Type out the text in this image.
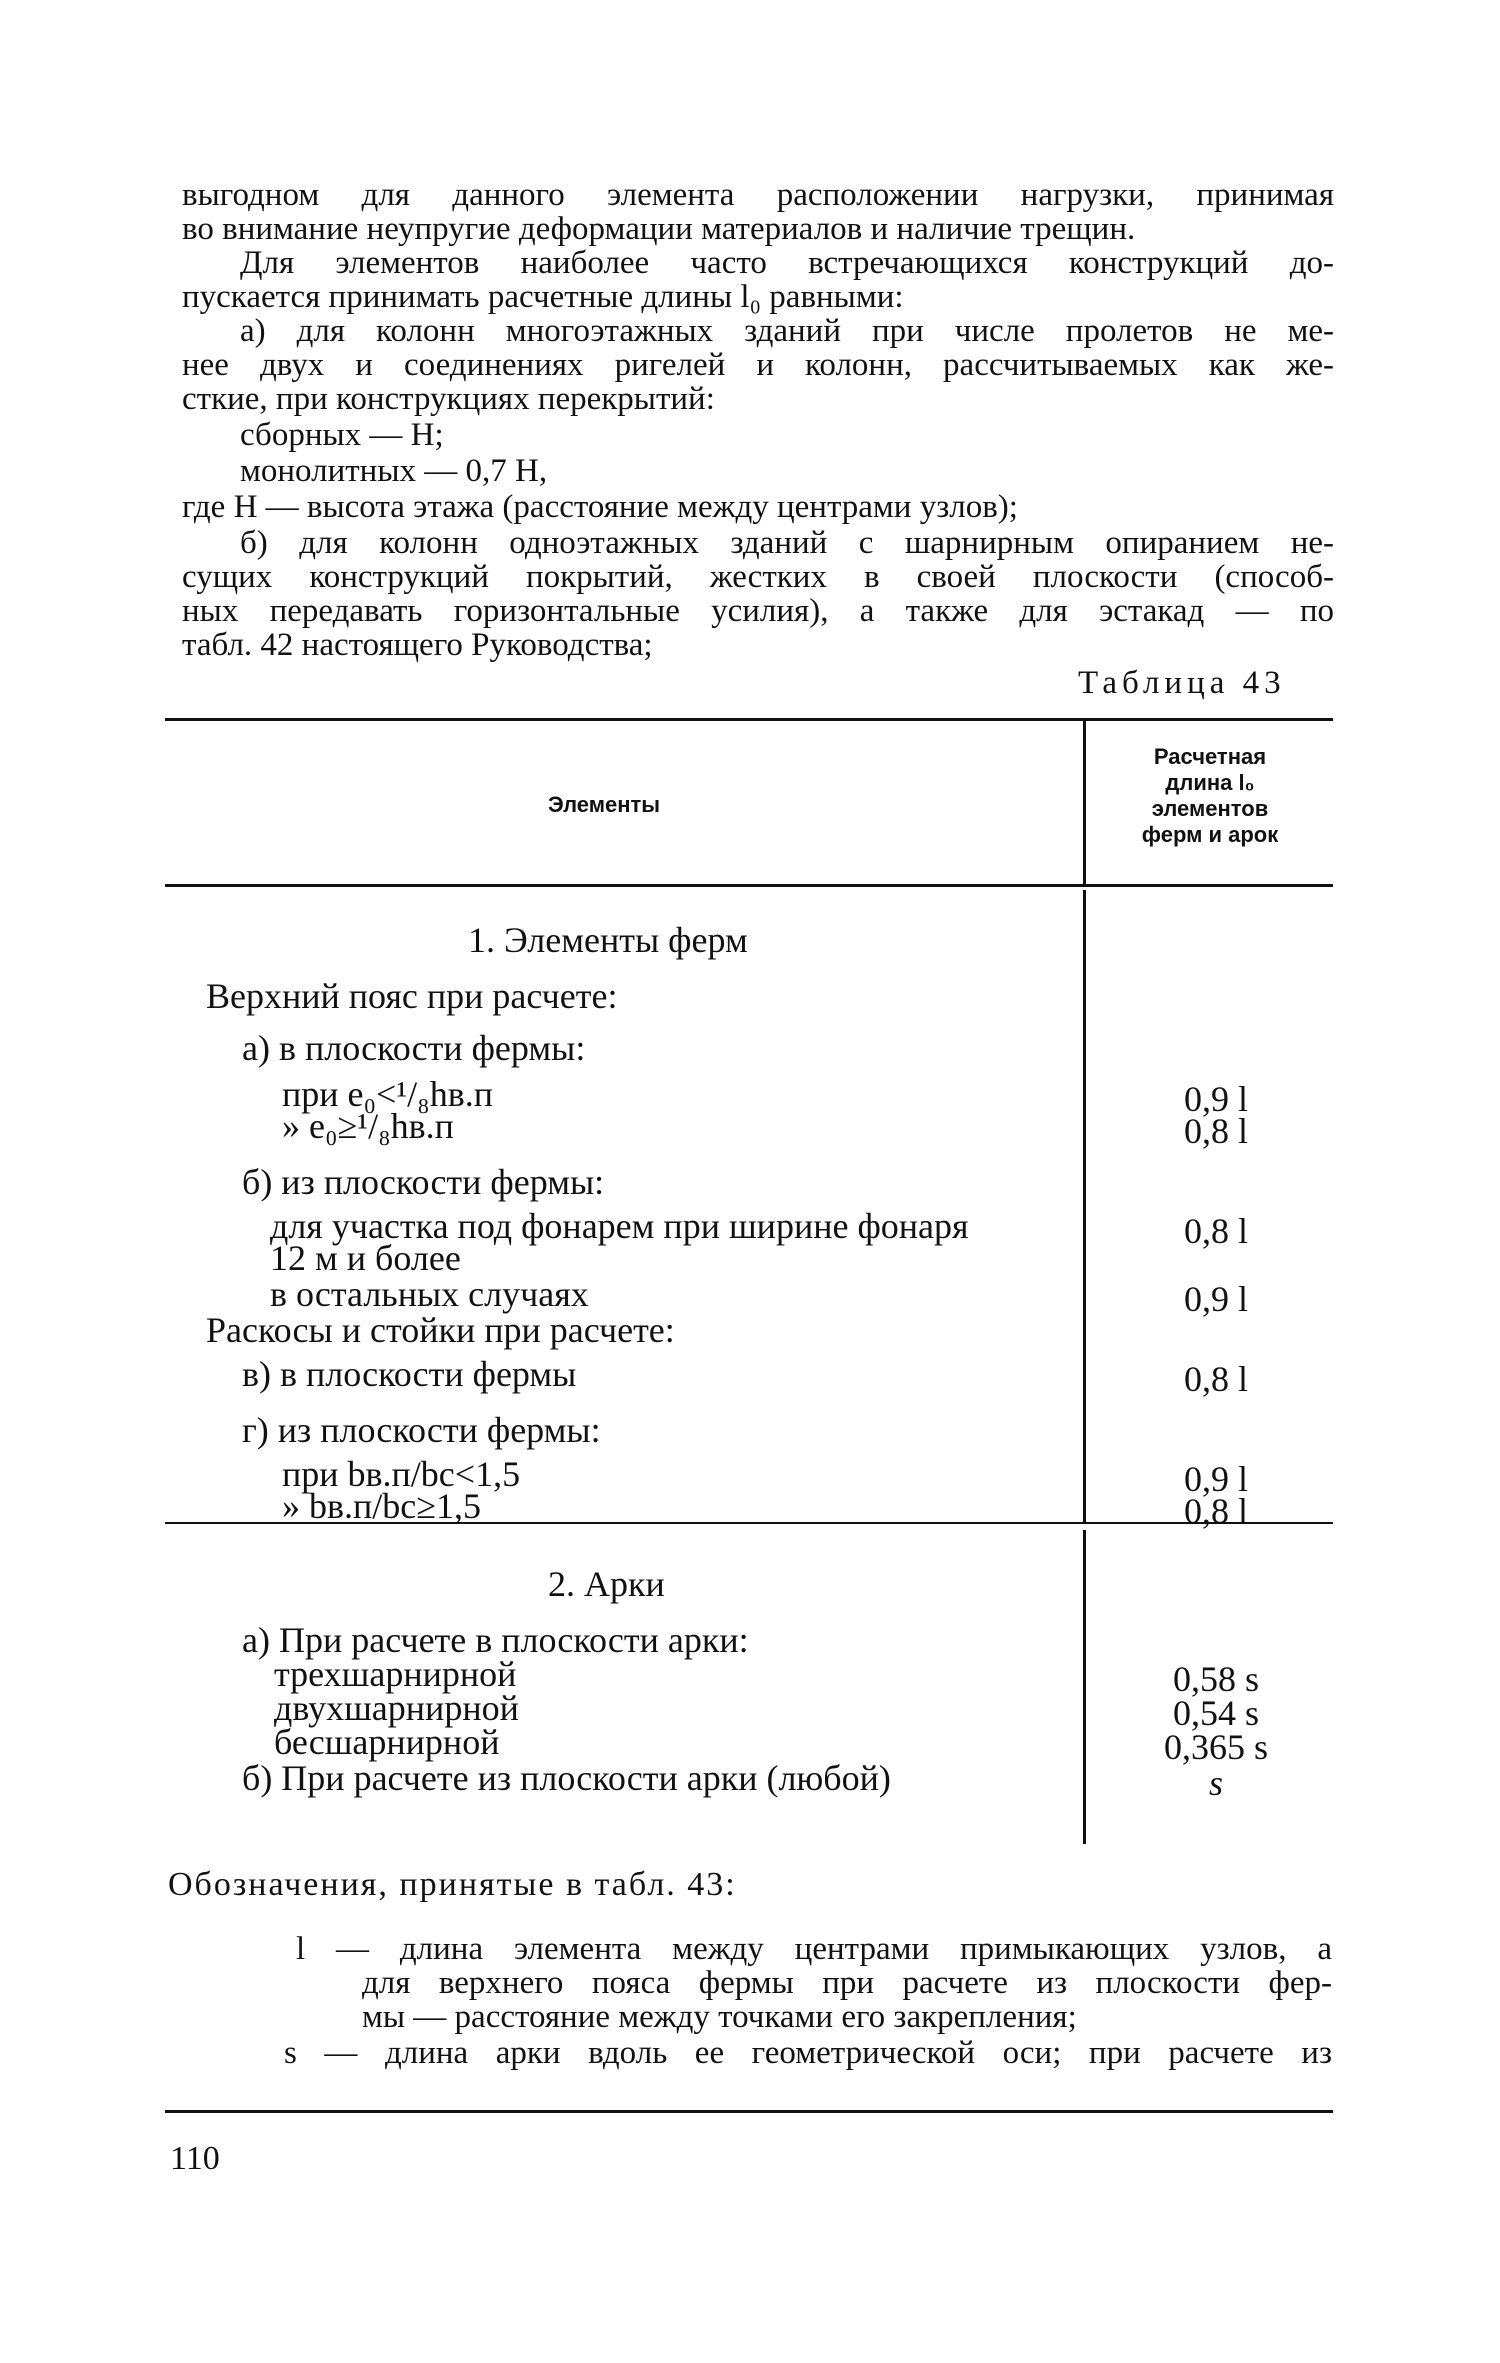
выгодном для данного элемента расположении нагрузки, принимая
во внимание неупругие деформации материалов и наличие трещин.
Для элементов наиболее часто встречающихся конструкций до-
пускается принимать расчетные длины l₀ равными:
а) для колонн многоэтажных зданий при числе пролетов не ме-
нее двух и соединениях ригелей и колонн, рассчитываемых как же-
сткие, при конструкциях перекрытий:
сборных — H;
монолитных — 0,7 H,
где H — высота этажа (расстояние между центрами узлов);
б) для колонн одноэтажных зданий с шарнирным опиранием не-
сущих конструкций покрытий, жестких в своей плоскости (способ-
ных передавать горизонтальные усилия), а также для эстакад — по
табл. 42 настоящего Руководства;
Таблица 43
Элементы
Расчетная
длина l₀
элементов
ферм и арок
1. Элементы ферм
Верхний пояс при расчете:
а) в плоскости фермы:
при e₀<¹/₈hв.п
» e₀≥¹/₈hв.п
б) из плоскости фермы:
для участка под фонарем при ширине фонаря
12 м и более
в остальных случаях
Раскосы и стойки при расчете:
в) в плоскости фермы
г) из плоскости фермы:
при bв.п/bс<1,5
» bв.п/bс≥1,5
0,9 l
0,8 l
0,8 l
0,9 l
0,8 l
0,9 l
0,8 l
2. Арки
а) При расчете в плоскости арки:
трехшарнирной
двухшарнирной
бесшарнирной
б) При расчете из плоскости арки (любой)
0,58 s
0,54 s
0,365 s
s
Обозначения, принятые в табл. 43:
l — длина элемента между центрами примыкающих узлов, а
для верхнего пояса фермы при расчете из плоскости фер-
мы — расстояние между точками его закрепления;
s — длина арки вдоль ее геометрической оси; при расчете из
110
